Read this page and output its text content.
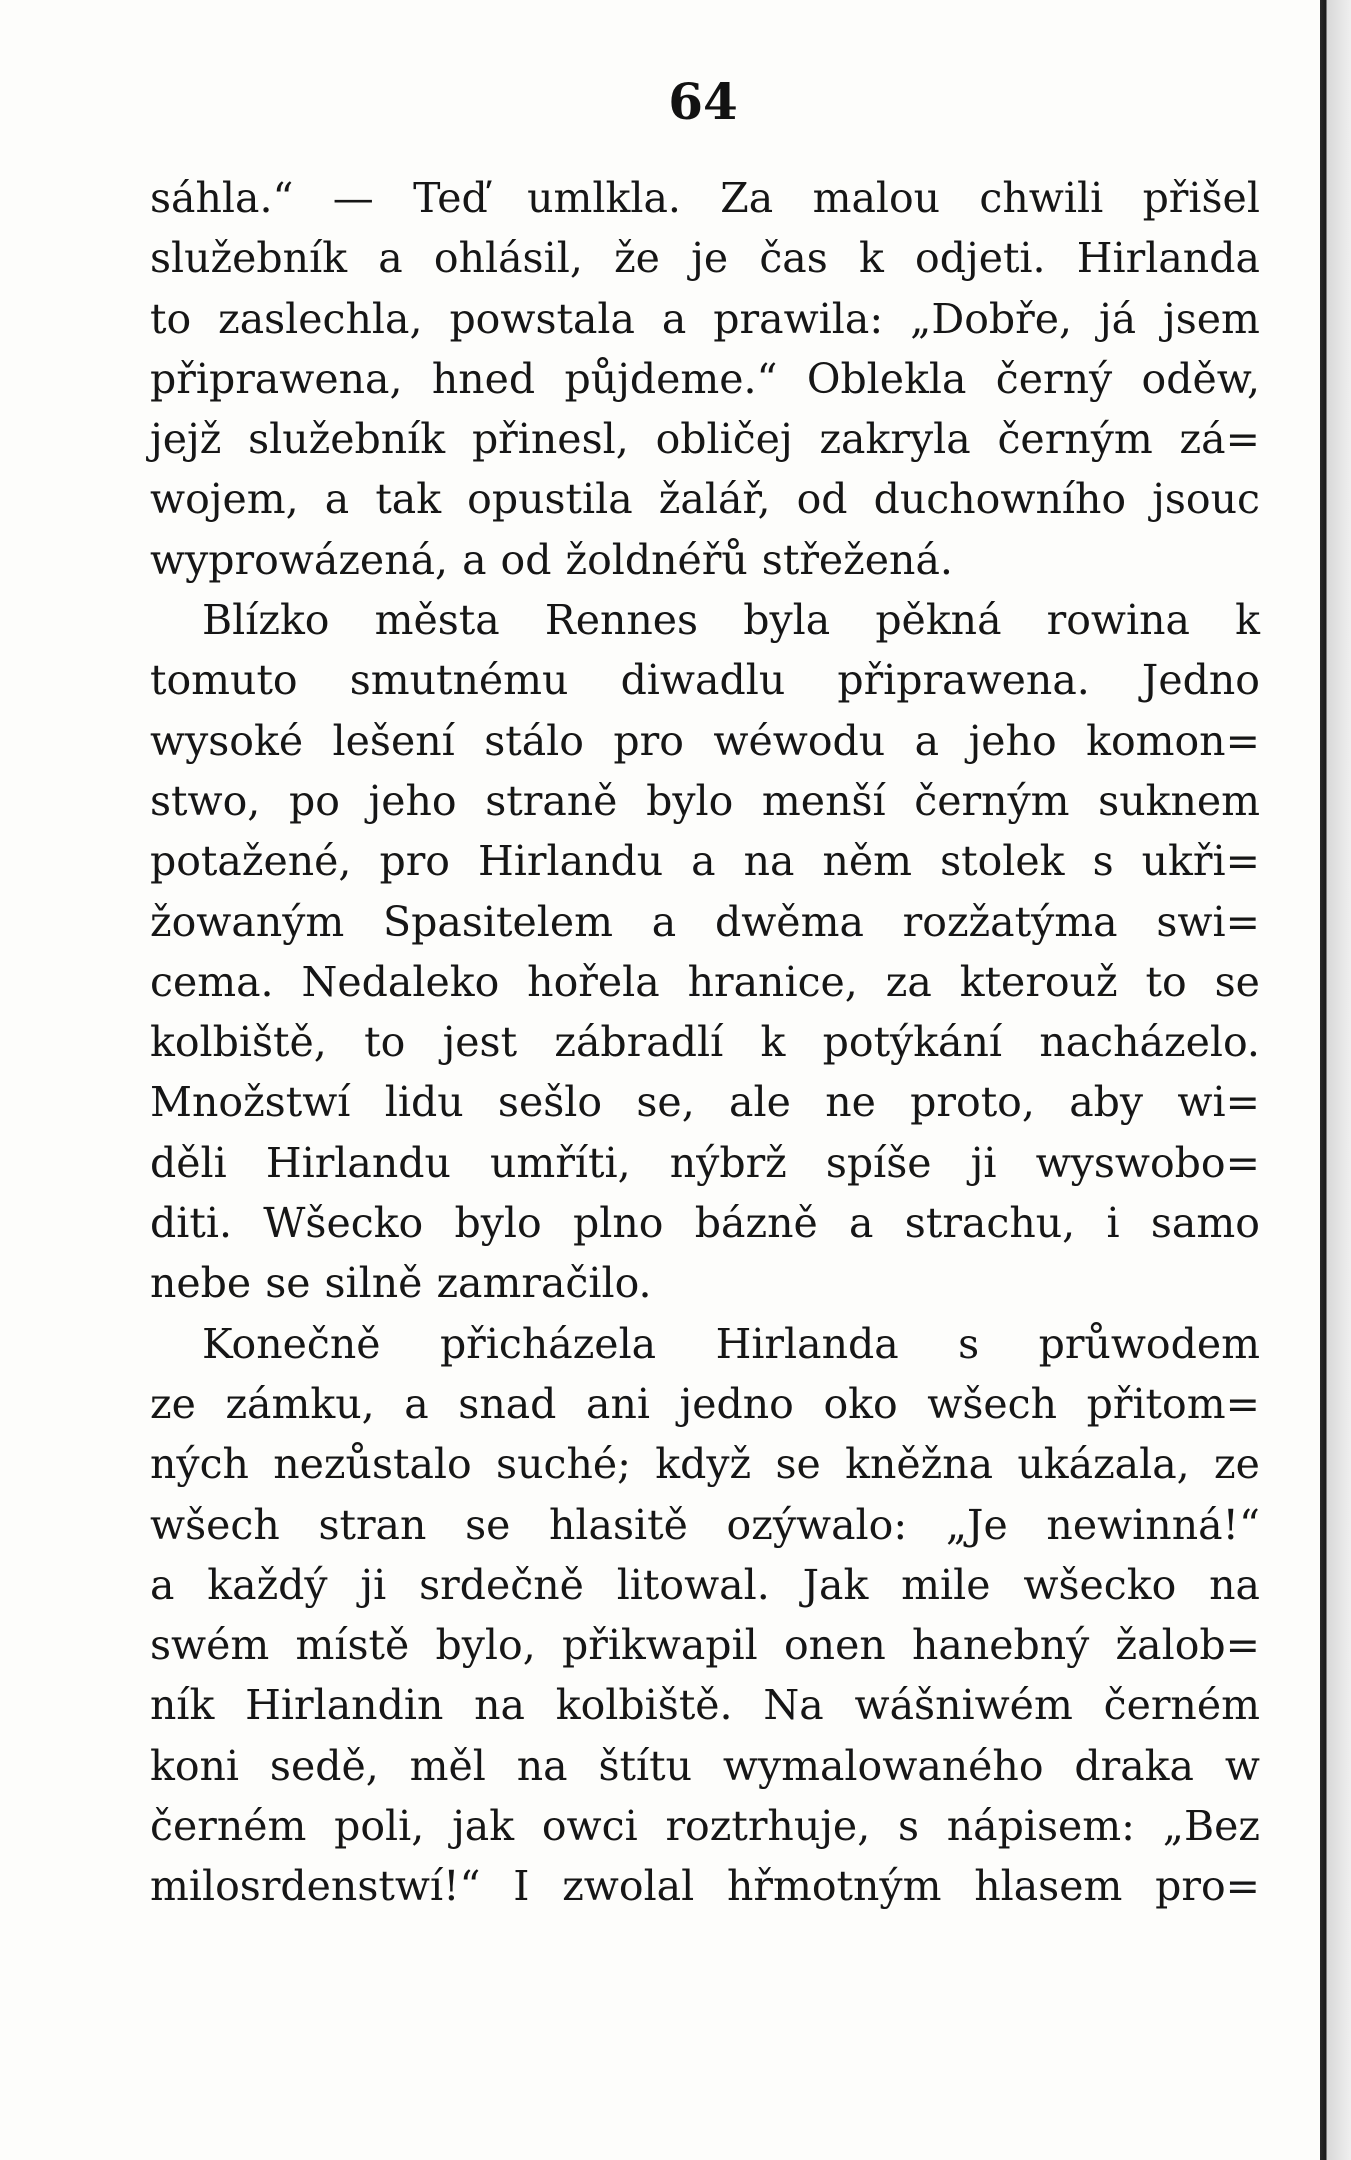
64
sáhla.“ — Teď umlkla. Za malou chwili přišel
služebník a ohlásil, že je čas k odjeti. Hirlanda
to zaslechla, powstala a prawila: „Dobře, já jsem
připrawena, hned půjdeme.“ Oblekla černý oděw,
jejž služebník přinesl, obličej zakryla černým zá=
wojem, a tak opustila žalář, od duchowního jsouc
wyprowázená, a od žoldnéřů střežená.
Blízko města Rennes byla pěkná rowina k
tomuto smutnému diwadlu připrawena. Jedno
wysoké lešení stálo pro wéwodu a jeho komon=
stwo, po jeho straně bylo menší černým suknem
potažené, pro Hirlandu a na něm stolek s ukři=
žowaným Spasitelem a dwěma rozžatýma swi=
cema. Nedaleko hořela hranice, za kterouž to se
kolbiště, to jest zábradlí k potýkání nacházelo.
Množstwí lidu sešlo se, ale ne proto, aby wi=
děli Hirlandu umříti, nýbrž spíše ji wyswobo=
diti. Wšecko bylo plno bázně a strachu, i samo
nebe se silně zamračilo.
Konečně přicházela Hirlanda s průwodem
ze zámku, a snad ani jedno oko wšech přitom=
ných nezůstalo suché; když se kněžna ukázala, ze
wšech stran se hlasitě ozýwalo: „Je newinná!“
a každý ji srdečně litowal. Jak mile wšecko na
swém místě bylo, přikwapil onen hanebný žalob=
ník Hirlandin na kolbiště. Na wášniwém černém
koni sedě, měl na štítu wymalowaného draka w
černém poli, jak owci roztrhuje, s nápisem: „Bez
milosrdenstwí!“ I zwolal hřmotným hlasem pro=
